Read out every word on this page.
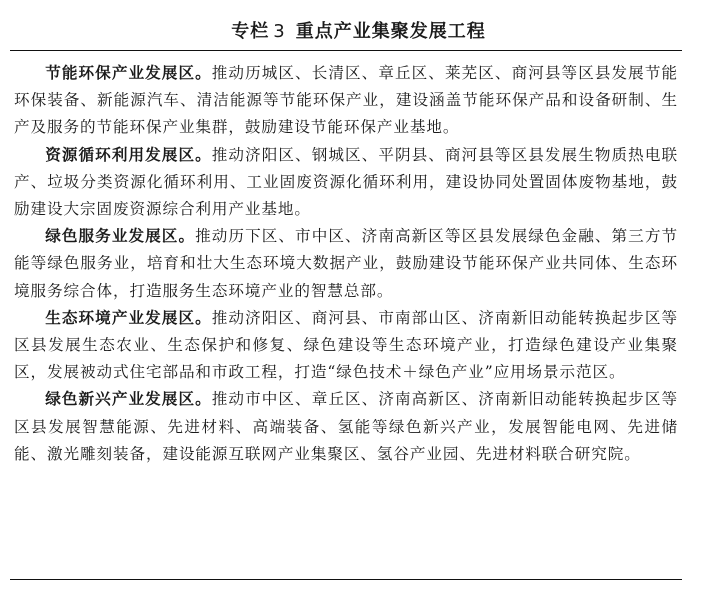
专栏 3 重点产业集聚发展工程

节能环保产业发展区。推动历城区、长清区、章丘区、莱芜区、商河县等区县发展节能环保装备、新能源汽车、清洁能源等节能环保产业，建设涵盖节能环保产品和设备研制、生产及服务的节能环保产业集群，鼓励建设节能环保产业基地。

资源循环利用发展区。推动济阳区、钢城区、平阴县、商河县等区县发展生物质热电联产、垃圾分类资源化循环利用、工业固废资源化循环利用，建设协同处置固体废物基地，鼓励建设大宗固废资源综合利用产业基地。

绿色服务业发展区。推动历下区、市中区、济南高新区等区县发展绿色金融、第三方节能等绿色服务业，培育和壮大生态环境大数据产业，鼓励建设节能环保产业共同体、生态环境服务综合体，打造服务生态环境产业的智慧总部。

生态环境产业发展区。推动济阳区、商河县、市南部山区、济南新旧动能转换起步区等区县发展生态农业、生态保护和修复、绿色建设等生态环境产业，打造绿色建设产业集聚区，发展被动式住宅部品和市政工程，打造“绿色技术＋绿色产业”应用场景示范区。

绿色新兴产业发展区。推动市中区、章丘区、济南高新区、济南新旧动能转换起步区等区县发展智慧能源、先进材料、高端装备、氢能等绿色新兴产业，发展智能电网、先进储能、激光雕刻装备，建设能源互联网产业集聚区、氢谷产业园、先进材料联合研究院。
